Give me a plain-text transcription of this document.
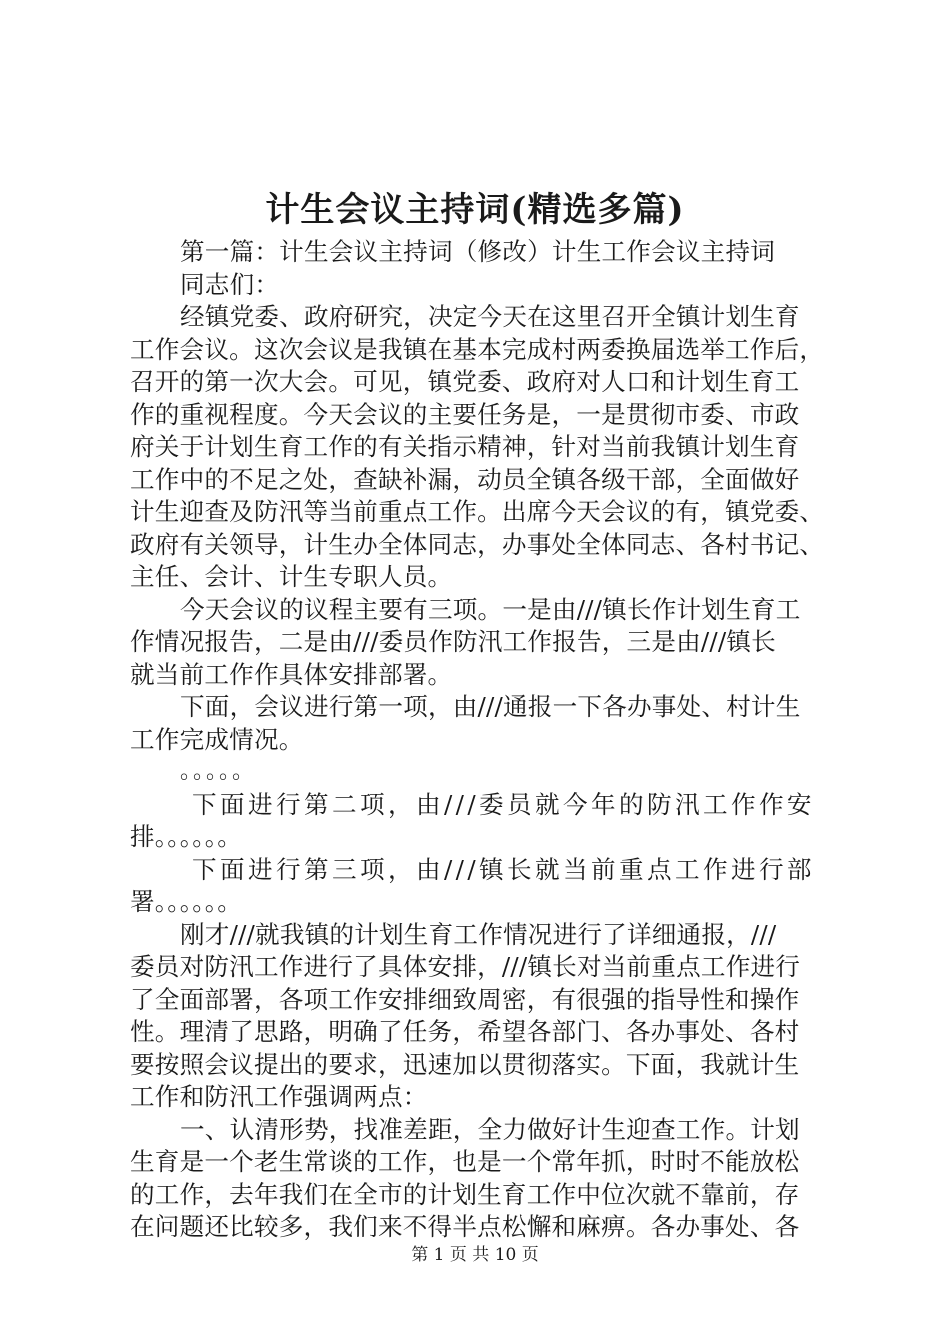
计生会议主持词(精选多篇)
第一篇：计生会议主持词（修改）计生工作会议主持词
同志们：
经镇党委、政府研究，决定今天在这里召开全镇计划生育
工作会议。这次会议是我镇在基本完成村两委换届选举工作后，
召开的第一次大会。可见，镇党委、政府对人口和计划生育工
作的重视程度。今天会议的主要任务是，一是贯彻市委、市政
府关于计划生育工作的有关指示精神，针对当前我镇计划生育
工作中的不足之处，查缺补漏，动员全镇各级干部，全面做好
计生迎查及防汛等当前重点工作。出席今天会议的有，镇党委、
政府有关领导，计生办全体同志，办事处全体同志、各村书记、
主任、会计、计生专职人员。
今天会议的议程主要有三项。一是由///镇长作计划生育工
作情况报告，二是由///委员作防汛工作报告，三是由///镇长
就当前工作作具体安排部署。
下面，会议进行第一项，由///通报一下各办事处、村计生
工作完成情况。
。。。。。
下面进行第二项，由///委员就今年的防汛工作作安
排。。。。。。
下面进行第三项，由///镇长就当前重点工作进行部
署。。。。。。
刚才///就我镇的计划生育工作情况进行了详细通报，///
委员对防汛工作进行了具体安排，///镇长对当前重点工作进行
了全面部署，各项工作安排细致周密，有很强的指导性和操作
性。理清了思路，明确了任务，希望各部门、各办事处、各村
要按照会议提出的要求，迅速加以贯彻落实。下面，我就计生
工作和防汛工作强调两点：
一、认清形势，找准差距，全力做好计生迎查工作。计划
生育是一个老生常谈的工作，也是一个常年抓，时时不能放松
的工作，去年我们在全市的计划生育工作中位次就不靠前，存
在问题还比较多，我们来不得半点松懈和麻痹。各办事处、各
第 1 页 共 10 页
